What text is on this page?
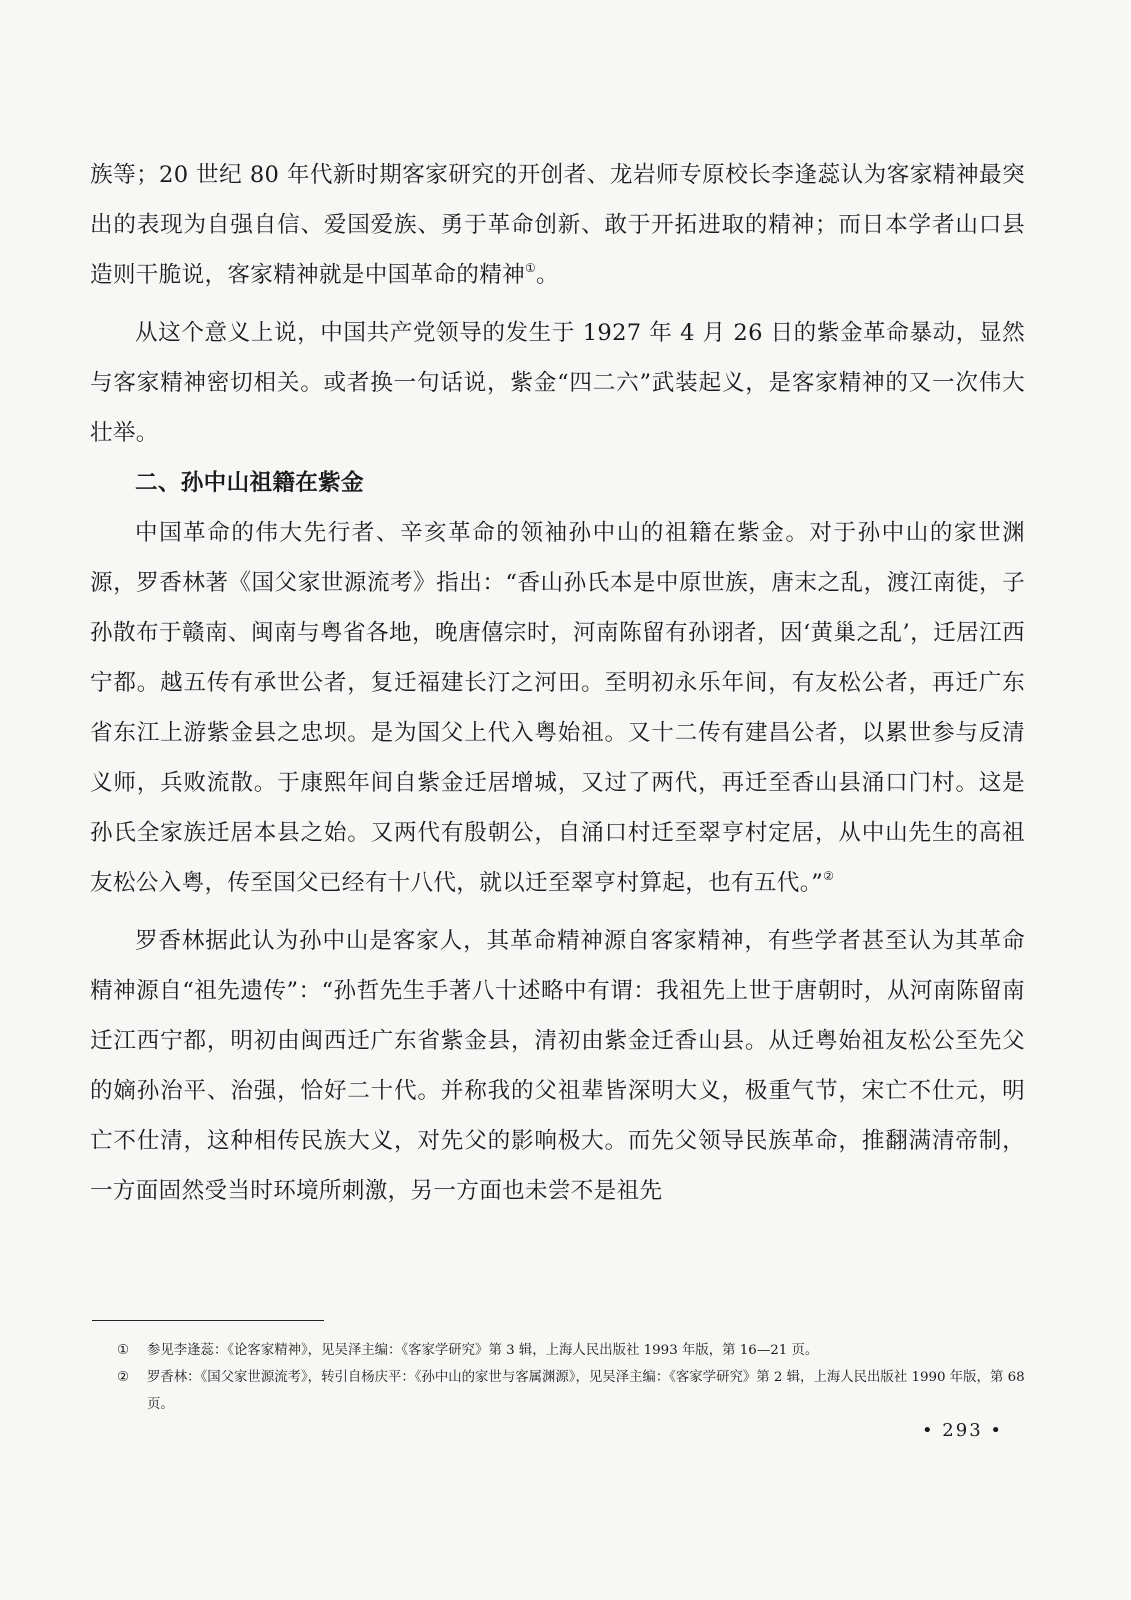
族等；20 世纪 80 年代新时期客家研究的开创者、龙岩师专原校长李逢蕊认为客家精神最突出的表现为自强自信、爱国爱族、勇于革命创新、敢于开拓进取的精神；而日本学者山口县造则干脆说，客家精神就是中国革命的精神①。

从这个意义上说，中国共产党领导的发生于 1927 年 4 月 26 日的紫金革命暴动，显然与客家精神密切相关。或者换一句话说，紫金“四二六”武装起义，是客家精神的又一次伟大壮举。

二、孙中山祖籍在紫金

中国革命的伟大先行者、辛亥革命的领袖孙中山的祖籍在紫金。对于孙中山的家世渊源，罗香林著《国父家世源流考》指出：“香山孙氏本是中原世族，唐末之乱，渡江南徙，子孙散布于赣南、闽南与粤省各地，晚唐僖宗时，河南陈留有孙诩者，因‘黄巢之乱’，迁居江西宁都。越五传有承世公者，复迁福建长汀之河田。至明初永乐年间，有友松公者，再迁广东省东江上游紫金县之忠坝。是为国父上代入粤始祖。又十二传有建昌公者，以累世参与反清义师，兵败流散。于康熙年间自紫金迁居增城，又过了两代，再迁至香山县涌口门村。这是孙氏全家族迁居本县之始。又两代有殷朝公，自涌口村迁至翠亨村定居，从中山先生的高祖友松公入粤，传至国父已经有十八代，就以迁至翠亨村算起，也有五代。”②

罗香林据此认为孙中山是客家人，其革命精神源自客家精神，有些学者甚至认为其革命精神源自“祖先遗传”：“孙哲先生手著八十述略中有谓：我祖先上世于唐朝时，从河南陈留南迁江西宁都，明初由闽西迁广东省紫金县，清初由紫金迁香山县。从迁粤始祖友松公至先父的嫡孙治平、治强，恰好二十代。并称我的父祖辈皆深明大义，极重气节，宋亡不仕元，明亡不仕清，这种相传民族大义，对先父的影响极大。而先父领导民族革命，推翻满清帝制，一方面固然受当时环境所刺激，另一方面也未尝不是祖先

① 参见李逢蕊：《论客家精神》，见吴泽主编：《客家学研究》第 3 辑，上海人民出版社 1993 年版，第 16—21 页。

② 罗香林：《国父家世源流考》，转引自杨庆平：《孙中山的家世与客属渊源》，见吴泽主编：《客家学研究》第 2 辑，上海人民出版社 1990 年版，第 68 页。

• 293 •
